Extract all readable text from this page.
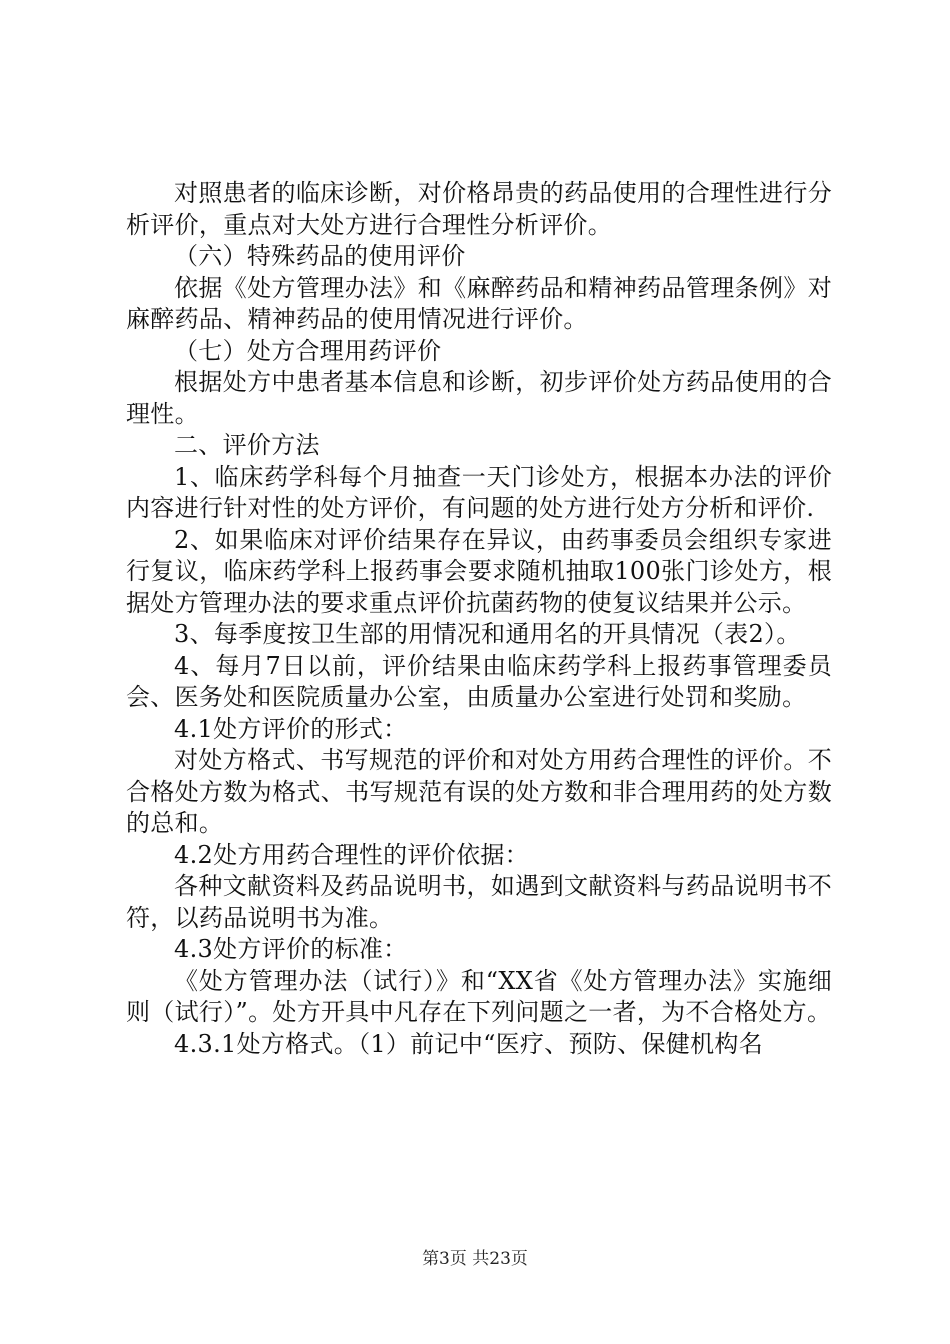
对照患者的临床诊断，对价格昂贵的药品使用的合理性进行分析评价，重点对大处方进行合理性分析评价。

（六）特殊药品的使用评价

依据《处方管理办法》和《麻醉药品和精神药品管理条例》对麻醉药品、精神药品的使用情况进行评价。

（七）处方合理用药评价

根据处方中患者基本信息和诊断，初步评价处方药品使用的合理性。

二、评价方法

1、临床药学科每个月抽查一天门诊处方，根据本办法的评价内容进行针对性的处方评价，有问题的处方进行处方分析和评价.

2、如果临床对评价结果存在异议，由药事委员会组织专家进行复议，临床药学科上报药事会要求随机抽取100张门诊处方，根据处方管理办法的要求重点评价抗菌药物的使复议结果并公示。

3、每季度按卫生部的用情况和通用名的开具情况（表2）。

4、每月7日以前，评价结果由临床药学科上报药事管理委员会、医务处和医院质量办公室，由质量办公室进行处罚和奖励。

4.1处方评价的形式：

对处方格式、书写规范的评价和对处方用药合理性的评价。不合格处方数为格式、书写规范有误的处方数和非合理用药的处方数的总和。

4.2处方用药合理性的评价依据：

各种文献资料及药品说明书，如遇到文献资料与药品说明书不符，以药品说明书为准。

4.3处方评价的标准：

《处方管理办法（试行）》和“XX省《处方管理办法》实施细则（试行）”。处方开具中凡存在下列问题之一者，为不合格处方。

4.3.1处方格式。（1）前记中“医疗、预防、保健机构名

第3页 共23页
